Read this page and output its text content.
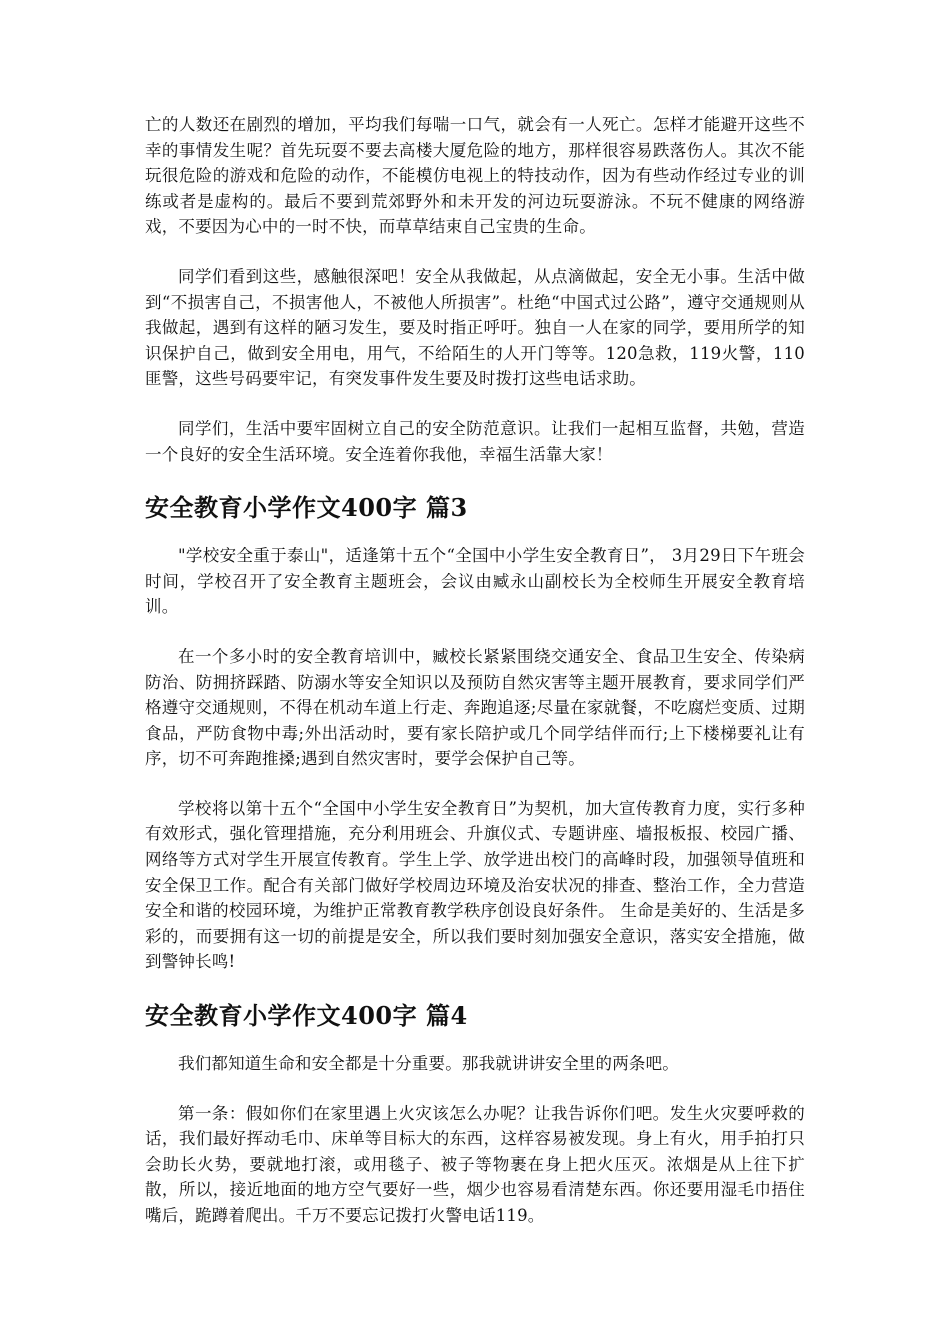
亡的人数还在剧烈的增加，平均我们每喘一口气，就会有一人死亡。怎样才能避开这些不幸的事情发生呢？首先玩耍不要去高楼大厦危险的地方，那样很容易跌落伤人。其次不能玩很危险的游戏和危险的动作，不能模仿电视上的特技动作，因为有些动作经过专业的训练或者是虚构的。最后不要到荒郊野外和未开发的河边玩耍游泳。不玩不健康的网络游戏，不要因为心中的一时不快，而草草结束自己宝贵的生命。

同学们看到这些，感触很深吧！安全从我做起，从点滴做起，安全无小事。生活中做到“不损害自己，不损害他人，不被他人所损害”。杜绝“中国式过公路”，遵守交通规则从我做起，遇到有这样的陋习发生，要及时指正呼吁。独自一人在家的同学，要用所学的知识保护自己，做到安全用电，用气，不给陌生的人开门等等。120急救，119火警，110匪警，这些号码要牢记，有突发事件发生要及时拨打这些电话求助。

同学们，生活中要牢固树立自己的安全防范意识。让我们一起相互监督，共勉，营造一个良好的安全生活环境。安全连着你我他，幸福生活靠大家！

安全教育小学作文400字 篇3

"学校安全重于泰山"，适逢第十五个“全国中小学生安全教育日”， 3月29日下午班会时间，学校召开了安全教育主题班会，会议由臧永山副校长为全校师生开展安全教育培训。

在一个多小时的安全教育培训中，臧校长紧紧围绕交通安全、食品卫生安全、传染病防治、防拥挤踩踏、防溺水等安全知识以及预防自然灾害等主题开展教育，要求同学们严格遵守交通规则，不得在机动车道上行走、奔跑追逐;尽量在家就餐，不吃腐烂变质、过期食品，严防食物中毒;外出活动时，要有家长陪护或几个同学结伴而行;上下楼梯要礼让有序，切不可奔跑推搡;遇到自然灾害时，要学会保护自己等。

学校将以第十五个“全国中小学生安全教育日”为契机，加大宣传教育力度，实行多种有效形式，强化管理措施，充分利用班会、升旗仪式、专题讲座、墙报板报、校园广播、网络等方式对学生开展宣传教育。学生上学、放学进出校门的高峰时段，加强领导值班和安全保卫工作。配合有关部门做好学校周边环境及治安状况的排查、整治工作，全力营造安全和谐的校园环境，为维护正常教育教学秩序创设良好条件。 生命是美好的、生活是多彩的，而要拥有这一切的前提是安全，所以我们要时刻加强安全意识，落实安全措施，做到警钟长鸣!

安全教育小学作文400字 篇4

我们都知道生命和安全都是十分重要。那我就讲讲安全里的两条吧。

第一条：假如你们在家里遇上火灾该怎么办呢？让我告诉你们吧。发生火灾要呼救的话，我们最好挥动毛巾、床单等目标大的东西，这样容易被发现。身上有火，用手拍打只会助长火势，要就地打滚，或用毯子、被子等物裹在身上把火压灭。浓烟是从上往下扩散，所以，接近地面的地方空气要好一些，烟少也容易看清楚东西。你还要用湿毛巾捂住嘴后，跪蹲着爬出。千万不要忘记拨打火警电话119。
